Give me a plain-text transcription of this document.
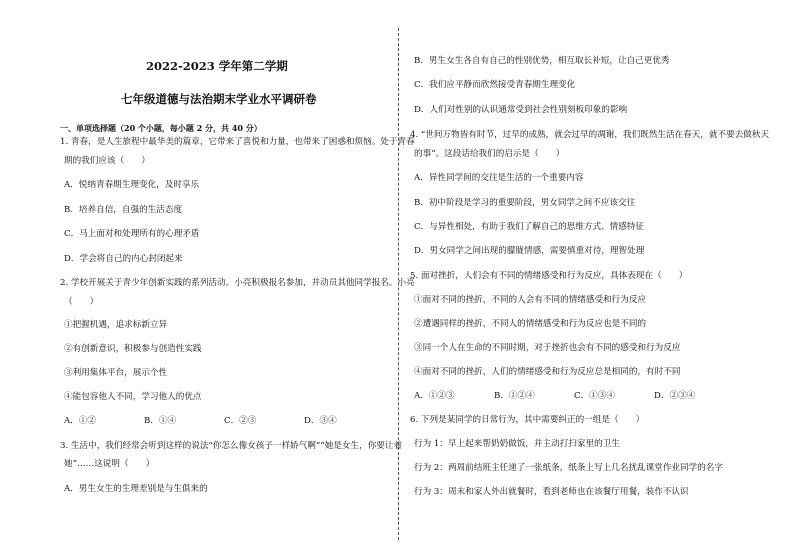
2022-2023 学年第二学期
七年级道德与法治期末学业水平调研卷
一、单项选择题（20 个小题，每小题 2 分，共 40 分）
1. 青春，是人生旅程中最华美的篇章，它带来了喜悦和力量，也带来了困惑和烦恼。处于青春
期的我们应该（　　）
A．悦纳青春期生理变化，及时享乐
B．培养自信，自强的生活态度
C．马上面对和处理所有的心理矛盾
D．学会将自己的内心封闭起来
2. 学校开展关于青少年创新实践的系列活动。小亮积极报名参加，并动员其他同学报名。小亮
（　　）
①把握机遇，追求标新立异
②有创新意识，积极参与创造性实践
③利用集体平台，展示个性
④能包容他人不同，学习他人的优点
A．①②	B．①④	C．②③	D．③④
3. 生活中，我们经常会听到这样的说法“你怎么像女孩子一样娇气啊”“她是女生，你要让着
她”……这说明（　　）
A．男生女生的生理差别是与生俱来的
B．男生女生各自有自己的性别优势，相互取长补短，让自己更优秀
C．我们应平静而欣然接受青春期生理变化
D．人们对性别的认识通常受到社会性别刻板印象的影响
4. “世间万物皆有时节，过早的成熟，就会过早的凋谢，我们既然生活在春天，就不要去做秋天
的事”。这段话给我们的启示是（　　）
A．异性同学间的交往是生活的一个重要内容
B．初中阶段是学习的重要阶段，男女同学之间不应该交往
C．与异性相处，有助于我们了解自己的思维方式、情感特征
D．男女同学之间出现的朦胧情感，需要慎重对待，理智处理
5. 面对挫折，人们会有不同的情绪感受和行为反应，具体表现在（　　）
①面对不同的挫折，不同的人会有不同的情绪感受和行为反应
②遭遇同样的挫折，不同人的情绪感受和行为反应也是不同的
③同一个人在生命的不同时期，对于挫折也会有不同的感受和行为反应
④面对不同的挫折，人们的情绪感受和行为反应总是相同的，有时不同
A．①②③	B．①②④	C．①③④	D．②③④
6. 下列是某同学的日常行为，其中需要纠正的一组是（　　）
行为 1：早上起来帮奶奶做饭，并主动打扫家里的卫生
行为 2：两周前结班主任递了一张纸条，纸条上写上几名扰乱课堂作业同学的名字
行为 3：周末和家人外出就餐时，看到老师也在该餐厅用餐，装作不认识
